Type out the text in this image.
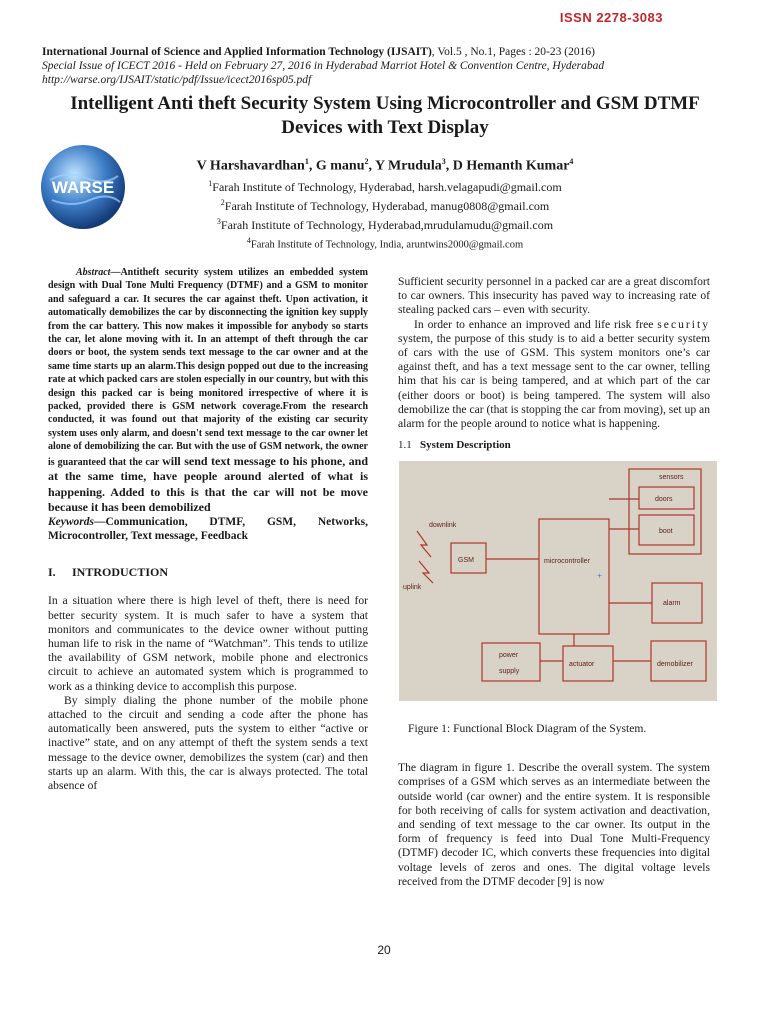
ISSN 2278-3083
International Journal of Science and Applied Information Technology (IJSAIT), Vol.5 , No.1, Pages : 20-23 (2016)
Special Issue of ICECT 2016 - Held on February 27, 2016 in Hyderabad Marriot Hotel & Convention Centre, Hyderabad
http://warse.org/IJSAIT/static/pdf/Issue/icect2016sp05.pdf
Intelligent Anti theft Security System Using Microcontroller and GSM DTMF Devices with Text Display
WARSE
V Harshavardhan$^1$, G manu$^2$, Y Mrudula$^3$, D Hemanth Kumar$^4$
$^1$Farah Institute of Technology, Hyderabad, harsh.velagapudi@gmail.com
$^2$Farah Institute of Technology, Hyderabad, manug0808@gmail.com
$^3$Farah Institute of Technology, Hyderabad,mrudulamudu@gmail.com
$^4$Farah Institute of Technology, India, aruntwins2000@gmail.com
Abstract—Antitheft security system utilizes an embedded system design with Dual Tone Multi Frequency (DTMF) and a GSM to monitor and safeguard a car. It secures the car against theft. Upon activation, it automatically demobilizes the car by disconnecting the ignition key supply from the car battery. This now makes it impossible for anybody so starts the car, let alone moving with it. In an attempt of theft through the car doors or boot, the system sends text message to the car owner and at the same time starts up an alarm.This design popped out due to the increasing rate at which packed cars are stolen especially in our country, but with this design this packed car is being monitored irrespective of where it is packed, provided there is GSM network coverage.From the research conducted, it was found out that majority of the existing car security system uses only alarm, and doesn't send text message to the car owner let alone of demobilizing the car. But with the use of GSM network, the owner is guaranteed that the car will send text message to his phone, and at the same time, have people around alerted of what is happening. Added to this is that the car will not be move because it has been demobilized
Keywords—Communication, DTMF, GSM, Networks, Microcontroller, Text message, Feedback
I. INTRODUCTION

In a situation where there is high level of theft, there is need for better security system. It is much safer to have a system that monitors and communicates to the device owner without putting human life to risk in the name of “Watchman”. This tends to utilize the availability of GSM network, mobile phone and electronics circuit to achieve an automated system which is programmed to work as a thinking device to accomplish this purpose.

By simply dialing the phone number of the mobile phone attached to the circuit and sending a code after the phone has automatically been answered, puts the system to either “active or inactive” state, and on any attempt of theft the system sends a text message to the device owner, demobilizes the system (car) and then starts up an alarm. With this, the car is always protected. The total absence of

Sufficient security personnel in a packed car are a great discomfort to car owners. This insecurity has paved way to increasing rate of stealing packed cars – even with security.

In order to enhance an improved and life risk free security system, the purpose of this study is to aid a better security system of cars with the use of GSM. This system monitors one’s car against theft, and has a text message sent to the car owner, telling him that his car is being tampered, and at which part of the car (either doors or boot) is being tampered. The system will also demobilize the car (that is stopping the car from moving), set up an alarm for the people around to notice what is happening.

1.1 System Description
sensors
doors
boot
downlink
uplink
GSM	microcontroller
alarm
power
supply
actuator	demobilizer
+
Figure 1: Functional Block Diagram of the System.

The diagram in figure 1. Describe the overall system. The system comprises of a GSM which serves as an intermediate between the outside world (car owner) and the entire system. It is responsible for both receiving of calls for system activation and deactivation, and sending of text message to the car owner. Its output in the form of frequency is feed into Dual Tone Multi-Frequency (DTMF) decoder IC, which converts these frequencies into digital voltage levels of zeros and ones. The digital voltage levels received from the DTMF decoder [9] is now

20
